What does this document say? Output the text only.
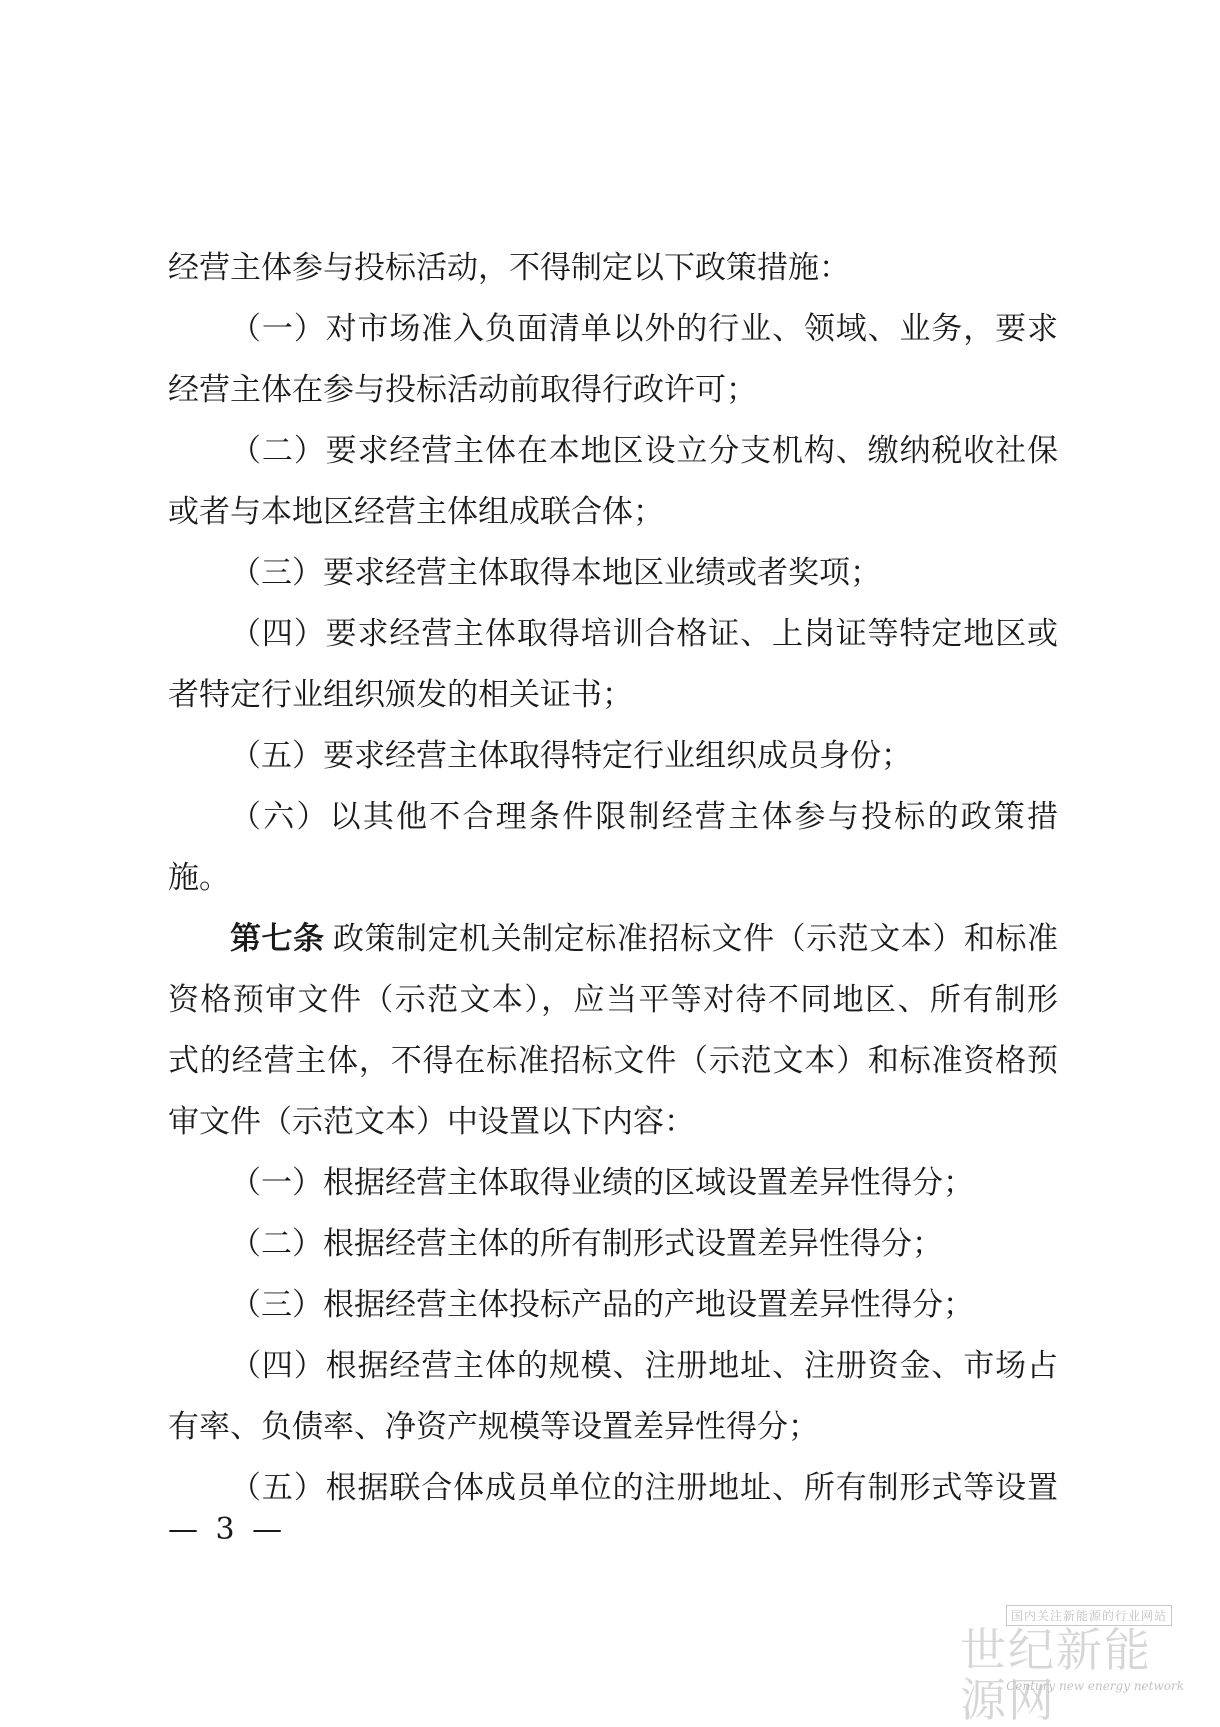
经营主体参与投标活动，不得制定以下政策措施：
（一）对市场准入负面清单以外的行业、领域、业务，要求
经营主体在参与投标活动前取得行政许可；
（二）要求经营主体在本地区设立分支机构、缴纳税收社保
或者与本地区经营主体组成联合体；
（三）要求经营主体取得本地区业绩或者奖项；
（四）要求经营主体取得培训合格证、上岗证等特定地区或
者特定行业组织颁发的相关证书；
（五）要求经营主体取得特定行业组织成员身份；
（六）以其他不合理条件限制经营主体参与投标的政策措
施。
第七条  政策制定机关制定标准招标文件（示范文本）和标准
资格预审文件（示范文本），应当平等对待不同地区、所有制形
式的经营主体，不得在标准招标文件（示范文本）和标准资格预
审文件（示范文本）中设置以下内容：
（一）根据经营主体取得业绩的区域设置差异性得分；
（二）根据经营主体的所有制形式设置差异性得分；
（三）根据经营主体投标产品的产地设置差异性得分；
（四）根据经营主体的规模、注册地址、注册资金、市场占
有率、负债率、净资产规模等设置差异性得分；
（五）根据联合体成员单位的注册地址、所有制形式等设置
— 3 —
国内关注新能源的行业网站
世纪新能源网
Century new energy network
